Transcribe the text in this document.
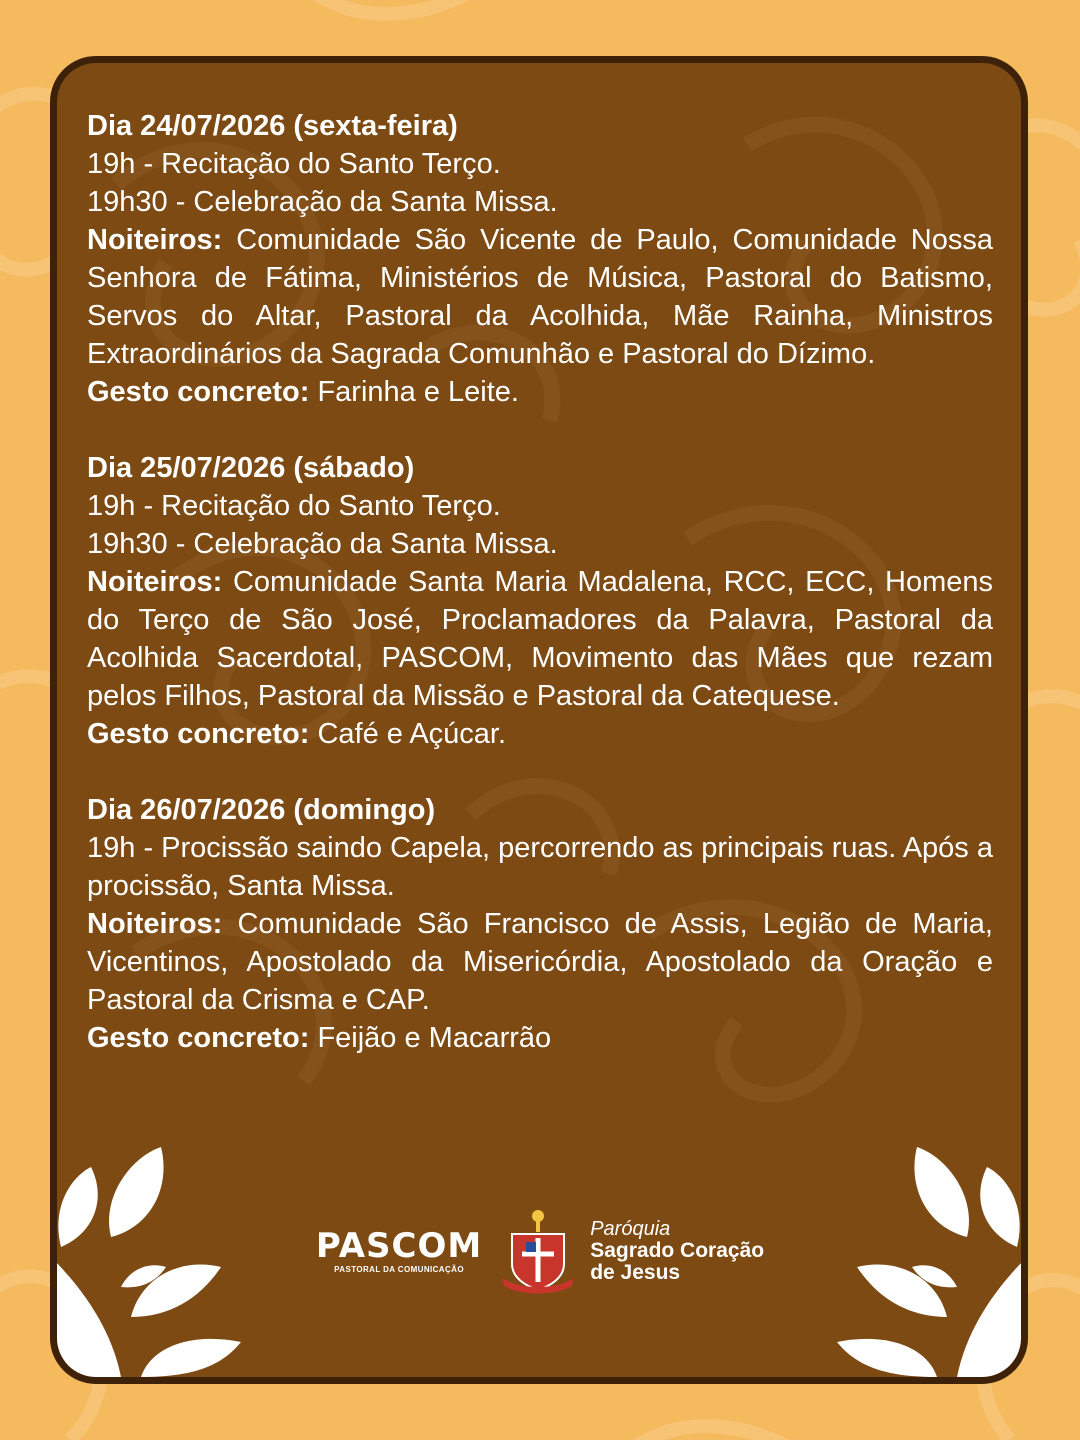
Dia 24/07/2026 (sexta-feira)
19h - Recitação do Santo Terço.
19h30 - Celebração da Santa Missa.
Noiteiros: Comunidade São Vicente de Paulo, Comunidade Nossa Senhora de Fátima, Ministérios de Música, Pastoral do Batismo, Servos do Altar, Pastoral da Acolhida, Mãe Rainha, Ministros Extraordinários da Sagrada Comunhão e Pastoral do Dízimo.
Gesto concreto: Farinha e Leite.
Dia 25/07/2026 (sábado)
19h - Recitação do Santo Terço.
19h30 - Celebração da Santa Missa.
Noiteiros: Comunidade Santa Maria Madalena, RCC, ECC, Homens do Terço de São José, Proclamadores da Palavra, Pastoral da Acolhida Sacerdotal, PASCOM, Movimento das Mães que rezam pelos Filhos, Pastoral da Missão e Pastoral da Catequese.
Gesto concreto: Café e Açúcar.
Dia 26/07/2026 (domingo)
19h - Procissão saindo Capela, percorrendo as principais ruas. Após a procissão, Santa Missa.
Noiteiros: Comunidade São Francisco de Assis, Legião de Maria, Vicentinos, Apostolado da Misericórdia, Apostolado da Oração e Pastoral da Crisma e CAP.
Gesto concreto: Feijão e Macarrão
PASCOM
PASTORAL DA COMUNICAÇÃO
Paróquia
Sagrado Coração
de Jesus
